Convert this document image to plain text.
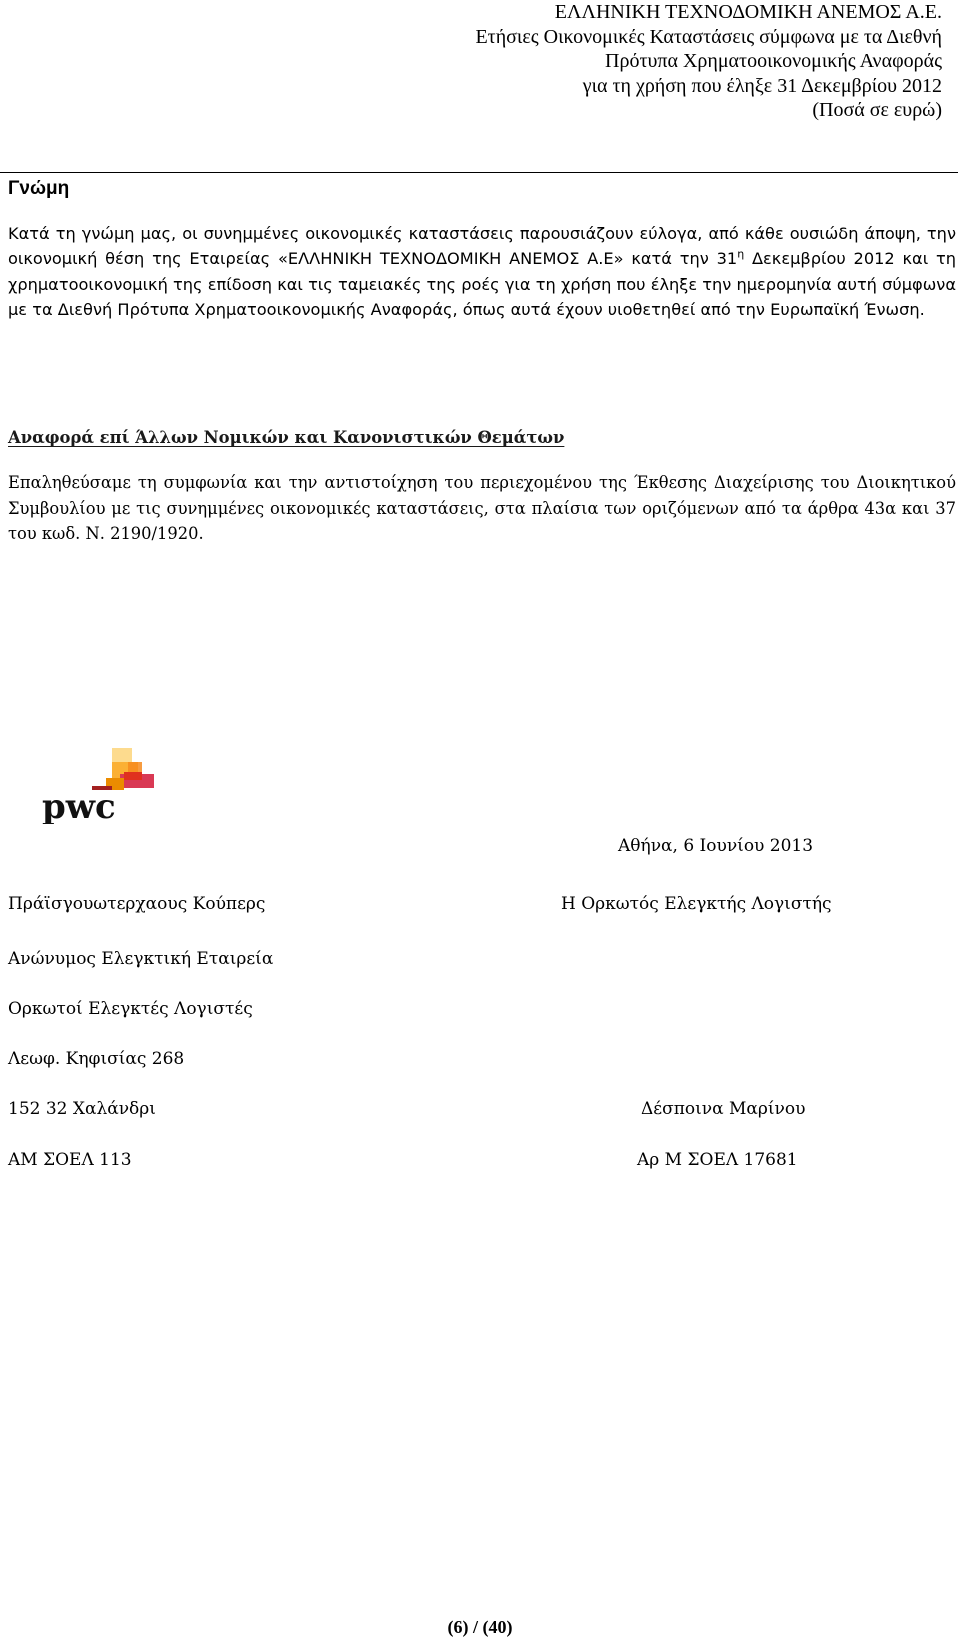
ΕΛΛΗΝΙΚΗ ΤΕΧΝΟΔΟΜΙΚΗ ΑΝΕΜΟΣ Α.Ε.
Ετήσιες Οικονομικές Καταστάσεις σύμφωνα με τα Διεθνή
Πρότυπα Χρηματοοικονομικής Αναφοράς
για τη χρήση που έληξε 31 Δεκεμβρίου 2012
(Ποσά σε ευρώ)
Γνώμη
Κατά τη γνώμη μας, οι συνημμένες οικονομικές καταστάσεις παρουσιάζουν εύλογα, από κάθε ουσιώδη άποψη, την οικονομική θέση της Εταιρείας «ΕΛΛΗΝΙΚΗ ΤΕΧΝΟΔΟΜΙΚΗ ΑΝΕΜΟΣ Α.Ε» κατά την $31^\eta$ Δεκεμβρίου 2012 και τη χρηματοοικονομική της επίδοση και τις ταμειακές της ροές για τη χρήση που έληξε την ημερομηνία αυτή σύμφωνα με τα Διεθνή Πρότυπα Χρηματοοικονομικής Αναφοράς, όπως αυτά έχουν υιοθετηθεί από την Ευρωπαϊκή Ένωση.
Αναφορά επί Άλλων Νομικών και Κανονιστικών Θεμάτων
Επαληθεύσαμε τη συμφωνία και την αντιστοίχηση του περιεχομένου της Έκθεσης Διαχείρισης του Διοικητικού Συμβουλίου με τις συνημμένες οικονομικές καταστάσεις, στα πλαίσια των οριζόμενων από τα άρθρα 43α και 37 του κωδ. Ν. 2190/1920.
pwc
Αθήνα, 6 Ιουνίου 2013
Πράϊσγουωτερχαους Κούπερς	Η Ορκωτός Ελεγκτής Λογιστής
Ανώνυμος Ελεγκτική Εταιρεία
Ορκωτοί Ελεγκτές Λογιστές
Λεωφ. Κηφισίας 268
152 32 Χαλάνδρι	Δέσποινα Μαρίνου
ΑΜ ΣΟΕΛ 113	Αρ Μ ΣΟΕΛ 17681
(6) / (40)
